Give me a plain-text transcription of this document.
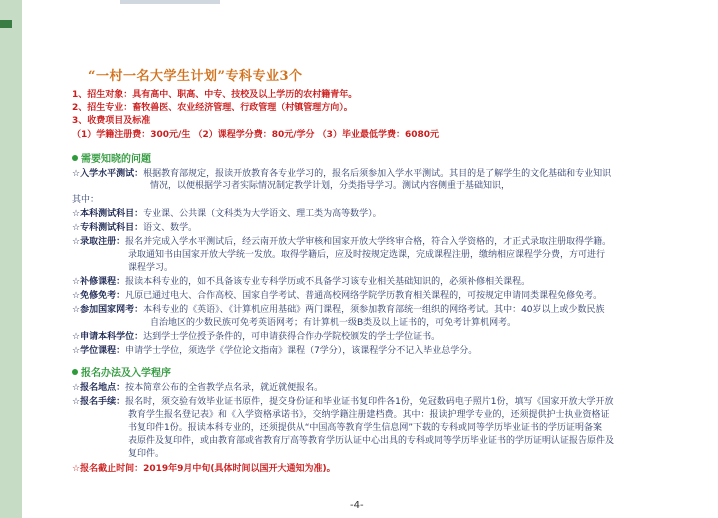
“一村一名大学生计划”专科专业3个
1、招生对象：具有高中、职高、中专、技校及以上学历的农村籍青年。
2、招生专业：畜牧兽医、农业经济管理、行政管理（村镇管理方向）。
3、收费项目及标准
（1）学籍注册费：300元/生 （2）课程学分费：80元/学分 （3）毕业最低学费：6080元
需要知晓的问题
☆入学水平测试：根据教育部规定，报读开放教育各专业学习的，报名后须参加入学水平测试。其目的是了解学生的文化基础和专业知识
情况，以便根据学习者实际情况制定教学计划，分类指导学习。测试内容侧重于基础知识，
其中：
☆本科测试科目：专业课、公共课（文科类为大学语文、理工类为高等数学）。
☆专科测试科目：语文、数学。
☆录取注册：报名并完成入学水平测试后，经云南开放大学审核和国家开放大学终审合格，符合入学资格的，才正式录取注册取得学籍。
录取通知书由国家开放大学统一发放。取得学籍后，应及时按规定选课，完成课程注册，缴纳相应课程学分费，方可进行
课程学习。
☆补修课程：报读本科专业的，如不具备该专业专科学历或不具备学习该专业相关基础知识的，必须补修相关课程。
☆免修免考：凡原已通过电大、合作高校、国家自学考试、普通高校网络学院学历教育相关课程的，可按规定申请同类课程免修免考。
☆参加国家网考：本科专业的《英语》、《计算机应用基础》两门课程，须参加教育部统一组织的网络考试。其中：40岁以上或少数民族
自治地区的少数民族可免考英语网考；有计算机一级B类及以上证书的，可免考计算机网考。
☆申请本科学位：达到学士学位授予条件的，可申请获得合作办学院校颁发的学士学位证书。
☆学位课程：申请学士学位，须选学《学位论文指南》课程（7学分），该课程学分不记入毕业总学分。
报名办法及入学程序
☆报名地点：按本简章公布的全省教学点名录，就近就便报名。
☆报名手续：报名时，须交验有效毕业证书原件，提交身份证和毕业证书复印件各1份，免冠数码电子照片1份，填写《国家开放大学开放
教育学生报名登记表》和《入学资格承诺书》，交纳学籍注册建档费。其中：报读护理学专业的，还须提供护士执业资格证
书复印件1份。报读本科专业的，还须提供从“中国高等教育学生信息网”下载的专科或同等学历毕业证书的学历证明备案
表原件及复印件，或由教育部或省教育厅高等教育学历认证中心出具的专科或同等学历毕业证书的学历证明认证报告原件及
复印件。
☆报名截止时间：2019年9月中旬(具体时间以国开大通知为准)。
-4-
